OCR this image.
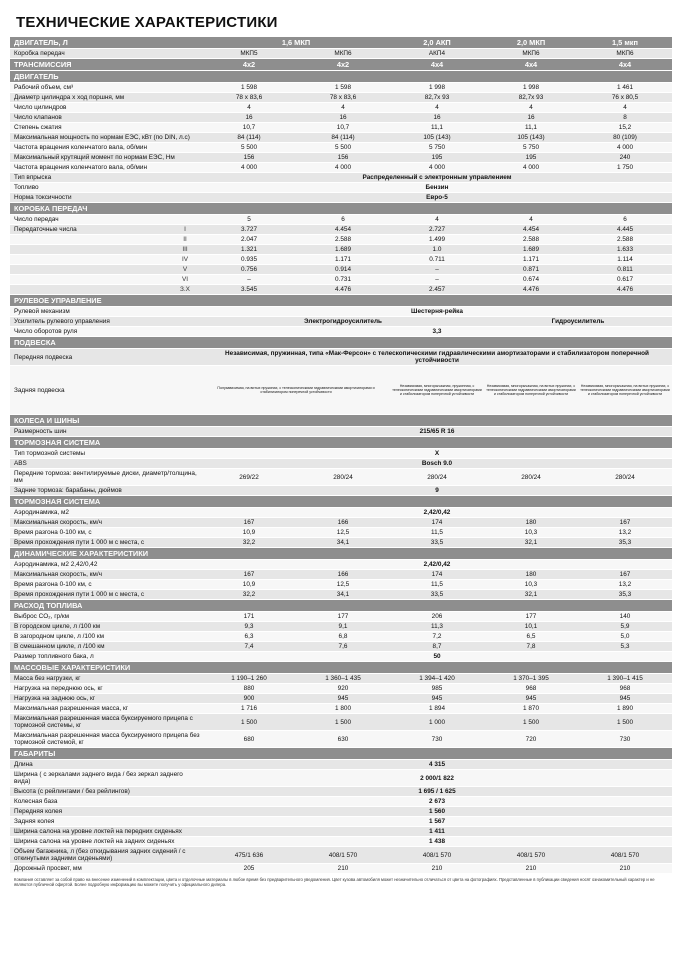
ТЕХНИЧЕСКИЕ ХАРАКТЕРИСТИКИ
ДВИГАТЕЛЬ, Л		1,6 МКП		2,0 АКП	2,0 МКП	1,5 мкп	
Коробка передач		МКП5	МКП6	АКП4	МКП6	МКП6	
ТРАНСМИССИЯ		4х2	4х2	4х4	4х4	4х4	
ДВИГАТЕЛЬ							
Рабочий объем, см³		1 598	1 598	1 998	1 998	1 461	
Диаметр цилиндра х ход поршня, мм		78 х 83,6	78 х 83,6	82,7х 93	82,7х 93	76 х 80,5	
Число цилиндров		4	4	4	4	4	
Число клапанов		16	16	16	16	8	
Степень сжатия		10,7	10,7	11,1	11,1	15,2	
Максимальная мощность по нормам ЕЭС, кВт (по DIN, л.с)		84 (114)	84 (114)	105 (143)	105 (143)	80 (109)	
Частота вращения коленчатого вала, об/мин		5 500	5 500	5 750	5 750	4 000	
Максимальный крутящий момент по нормам ЕЭС, Нм		156	156	195	195	240	
Частота вращения коленчатого вала, об/мин		4 000	4 000	4 000	4 000	1 750	
Тип впрыска		Распределенный с электронным управлением					
Топливо		Бензин	
Норма токсичности		Евро-5					
КОРОБКА ПЕРЕДАЧ							
Число передач		5	6	4	4	6	
Передаточные числа	I	3.727	4.454	2.727	4.454	4.445	
	II	2.047	2.588	1.499	2.588	2.588	
	III	1.321	1.689	1.0	1.689	1.633	
	IV	0.935	1.171	0.711	1.171	1.114	
	V	0.756	0.914	–	0.871	0.811	
	VI	–	0.731	–	0.674	0.617	
	З.Х	3.545	4.476	2.457	4.476	4.476	
РУЛЕВОЕ УПРАВЛЕНИЕ							
Рулевой механизм		Шестерня-рейка					
Усилитель рулевого управления		Электрогидроусилитель			Гидроусилитель	
Число оборотов руля		3,3					
ПОДВЕСКА							
Передняя подвеска		Независимая, пружинная, типа «Мак-Ферсон» с телескопическими гидравлическими амортизаторами и стабилизатором поперечной устойчивости					
Задняя подвеска		Полузависимая, на витых пружинах, с телескопическими гидравлическими амортизаторами и стабилизатором поперечной устойчивости		Независимая, многорычажная, пружинная, с телескопическими гидравлическими амортизаторами и стабилизатором поперечной устойчивости	Независимая, многорычажная, на витых пружинах, с телескопическими гидравлическими амортизаторами и стабилизатором поперечной устойчивости	Независимая, многорычажная, на витых пружинах, с телескопическими гидравлическими амортизаторами и стабилизатором поперечной устойчивости	
КОЛЕСА И ШИНЫ							
Размерность шин		215/65 R 16					
ТОРМОЗНАЯ СИСТЕМА							
Тип тормозной системы		Х					
ABS		Bosch 9.0					
Передние тормоза: вентилируемые диски, диаметр/толщина, мм		269/22	280/24	280/24	280/24	280/24	
Задние тормоза: барабаны, дюймов		9					
ТОРМОЗНАЯ СИСТЕМА							
Аэродинамика, м2		2,42/0,42					
Максимальная скорость, км/ч		167	166	174	180	167	
Время разгона 0-100 км, с		10,9	12,5	11,5	10,3	13,2	
Время прохождения пути 1 000 м с места, с		32,2	34,1	33,5	32,1	35,3	
ДИНАМИЧЕСКИЕ ХАРАКТЕРИСТИКИ							
Аэродинамика, м2 2,42/0,42		2,42/0,42					
Максимальная скорость, км/ч		167	166	174	180	167	
Время разгона 0-100 км, с		10,9	12,5	11,5	10,3	13,2	
Время прохождения пути 1 000 м с места, с		32,2	34,1	33,5	32,1	35,3	
РАСХОД ТОПЛИВА							
Выброс CO₂, гр/км		171	177	206	177	140	
В городском цикле, л /100 км		9,3	9,1	11,3	10,1	5,9	
В загородном цикле, л /100 км		6,3	6,8	7,2	6,5	5,0	
В смешанном цикле, л /100 км		7,4	7,6	8,7	7,8	5,3	
Размер топливного бака, л		50					
МАССОВЫЕ ХАРАКТЕРИСТИКИ							
Масса без нагрузки, кг		1 190–1 260	1 360–1 435	1 394–1 420	1 370–1 395	1 390–1 415	
Нагрузка на переднюю ось, кг		880	920	985	968	968	
Нагрузка на заднюю ось, кг		900	945	945	945	945	
Максимальная разрешенная масса, кг		1 716	1 800	1 894	1 870	1 890	
Максимальная разрешенная масса буксируемого прицепа с тормозной системы, кг		1 500	1 500	1 000	1 500	1 500	
Максимальная разрешенная масса буксируемого прицепа без тормозной системой, кг		680	630	730	720	730	
ГАБАРИТЫ							
Длина		4 315					
Ширина ( с зеркалами заднего вида / без зеркал заднего вида)		2 000/1 822					
Высота (с рейлингами / без рейлингов)		1 695 / 1 625					
Колесная база		2 673					
Передняя колея		1 560					
Задняя колея		1 567					
Ширина салона на уровне локтей на передних сиденьях		1 411					
Ширина салона на уровне локтей на задних сиденьях		1 438					
Объем багажника, л (без откидывания задних сидений / с откинутыми задними сиденьями)		475/1 636	408/1 570	408/1 570	408/1 570	408/1 570	
Дорожный просвет, мм		205	210	210	210	210	
Компания оставляет за собой право на внесение изменений в комплектации, цвета и отделочные материалы в любое время без предварительного уведомления. Цвет кузова автомобиля может незначительно отличаться от цвета на фотографиях. Представленные в публикации сведения носят ознакомительный характер и не являются публичной офертой. Более подробную информацию вы можете получить у официального дилера.
